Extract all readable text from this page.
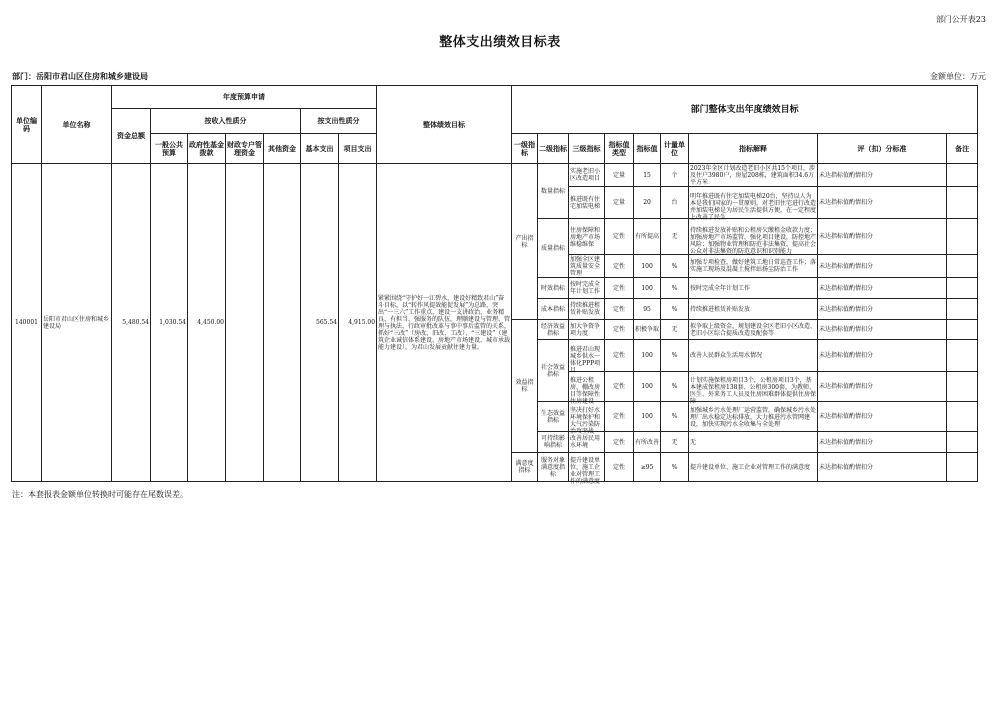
部门公开表23
整体支出绩效目标表
部门：岳阳市君山区住房和城乡建设局	金额单位：万元
单位编码	单位名称	年度预算申请							整体绩效目标	部门整体支出年度绩效目标								
		资金总额	按收入性质分				按支出性质分											
			一般公共预算	政府性基金拨款	财政专户管理资金	其他资金	基本支出	项目支出		一级指标	二级指标	三级指标	指标值类型	指标值	计量单位	指标解释	评（扣）分标准	备注
140001	岳阳市君山区住房和城乡建设局	5,480.54	1,030.54	4,450.00			565.54	4,915.00	紧紧围绕“守护好一江碧水，建设好精致君山”奋斗目标，以“转作风提效能促发展”为总路，突出“一三六”工作重点，建设一支讲政治、业务精良、有担当、强服务的队伍，理顺建设与管理、管理与执法、行政审批改革与事中事后监管的关系，抓好“三改”（房改、旧改、工改）、“三建设”（建筑企业诚信体系建设、房地产市场建设、城市承载能力建设），为君山发展贡献住建力量。	产出指标	数量指标	实施老旧小区改造项目	定量	15	个	2023年全区计划改造老旧小区共15个项目，涉及住户3980户，房屋208栋，建筑面积34.6万平方米	未达指标值酌情扣分	

												推进既有住宅加装电梯	定量	20	台	明年推进既有住宅加装电梯20台，坚持以人为本是我们国家的一贯原则，对老旧住宅进行改造并加装电梯是为居民生活提供方便，在一定程度上改善了民生	未达指标值酌情扣分	
											质量指标	住房保障和房地产市场维稳维保	定性	有所提高	无	持续推进发放补贴和公租房欠缴租金收款力度；加强房地产市场监管，强化项目建设，防控地产风险；加强物业管理和防范非法集资，提高社会公众对非法集资的防范意识和识别能力	未达指标值酌情扣分	

												加强全区建筑质量安全管理	定性	100	%	加强专项检查，做好建筑工地日常巡查工作；落实施工现场及混凝土搅拌站扬尘防治工作	未达指标值酌情扣分	
											时效指标	按时完成全年计划工作	定性	100	%	按时完成全年计划工作	未达指标值酌情扣分	
											成本指标	持续推进租赁补贴发放	定性	95	%	持续推进租赁补贴发放	未达指标值酌情扣分	
										效益指标	经济效益指标	加大争资争项力度	定性	积极争取	无	拟争取上级资金，规划建设全区老旧小区改造、老旧小区综合提质改造及配套等	未达指标值酌情扣分	
											社会效益指标	推进君山现城乡供水一体化PPP项目	定性	100	%	改善人民群众生活用水情况	未达指标值酌情扣分	

												推进公租房、棚改房目等保障性住房建设	定性	100	%	计划实施保租房项目3个，公租房项目3个，基本建成保租房138套、公租房300套，为教师、医生、外来务工人员及住房困难群体提供住房保障	未达指标值酌情扣分	
											生态效益指标	坚决打好水环境保护和大气污染防治攻坚战	定性	100	%	加强城乡污水处理厂运营监管，确保城乡污水处理厂出水稳定达标排放，大力推进污水管网建设，加快实现污水全收集与全处理	未达指标值酌情扣分	
											可持续影响指标	改善居民用水环境	定性	有所改善	无	无	未达指标值酌情扣分	
										满意度指标	服务对象满意度指标	提升建设单位、施工企业对管理工作的满意度	定性	≥95	%	提升建设单位、施工企业对管理工作的满意度	未达指标值酌情扣分	
注：本套报表金额单位转换时可能存在尾数误差。
